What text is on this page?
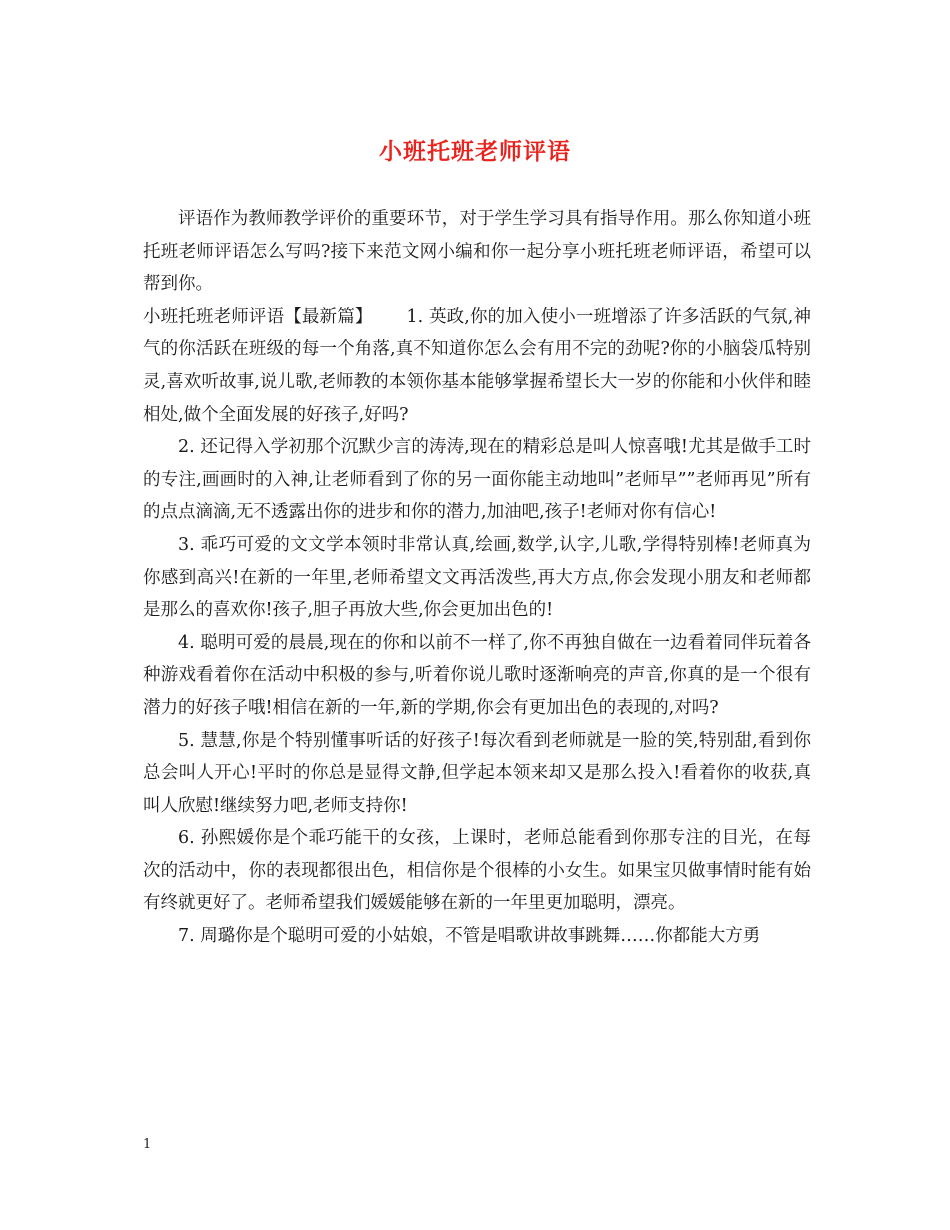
小班托班老师评语

评语作为教师教学评价的重要环节，对于学生学习具有指导作用。那么你知道小班托班老师评语怎么写吗?接下来范文网小编和你一起分享小班托班老师评语，希望可以帮到你。

小班托班老师评语【最新篇】 1. 英政,你的加入使小一班增添了许多活跃的气氛,神气的你活跃在班级的每一个角落,真不知道你怎么会有用不完的劲呢?你的小脑袋瓜特别灵,喜欢听故事,说儿歌,老师教的本领你基本能够掌握希望长大一岁的你能和小伙伴和睦相处,做个全面发展的好孩子,好吗?

2. 还记得入学初那个沉默少言的涛涛,现在的精彩总是叫人惊喜哦!尤其是做手工时的专注,画画时的入神,让老师看到了你的另一面你能主动地叫”老师早””老师再见”所有的点点滴滴,无不透露出你的进步和你的潜力,加油吧,孩子!老师对你有信心!

3. 乖巧可爱的文文学本领时非常认真,绘画,数学,认字,儿歌,学得特别棒!老师真为你感到高兴!在新的一年里,老师希望文文再活泼些,再大方点,你会发现小朋友和老师都是那么的喜欢你!孩子,胆子再放大些,你会更加出色的!

4. 聪明可爱的晨晨,现在的你和以前不一样了,你不再独自做在一边看着同伴玩着各种游戏看着你在活动中积极的参与,听着你说儿歌时逐渐响亮的声音,你真的是一个很有潜力的好孩子哦!相信在新的一年,新的学期,你会有更加出色的表现的,对吗?

5. 慧慧,你是个特别懂事听话的好孩子!每次看到老师就是一脸的笑,特别甜,看到你总会叫人开心!平时的你总是显得文静,但学起本领来却又是那么投入!看着你的收获,真叫人欣慰!继续努力吧,老师支持你!

6. 孙熙媛你是个乖巧能干的女孩，上课时，老师总能看到你那专注的目光，在每次的活动中，你的表现都很出色，相信你是个很棒的小女生。如果宝贝做事情时能有始有终就更好了。老师希望我们媛媛能够在新的一年里更加聪明，漂亮。

7. 周璐你是个聪明可爱的小姑娘，不管是唱歌讲故事跳舞……你都能大方勇

1
